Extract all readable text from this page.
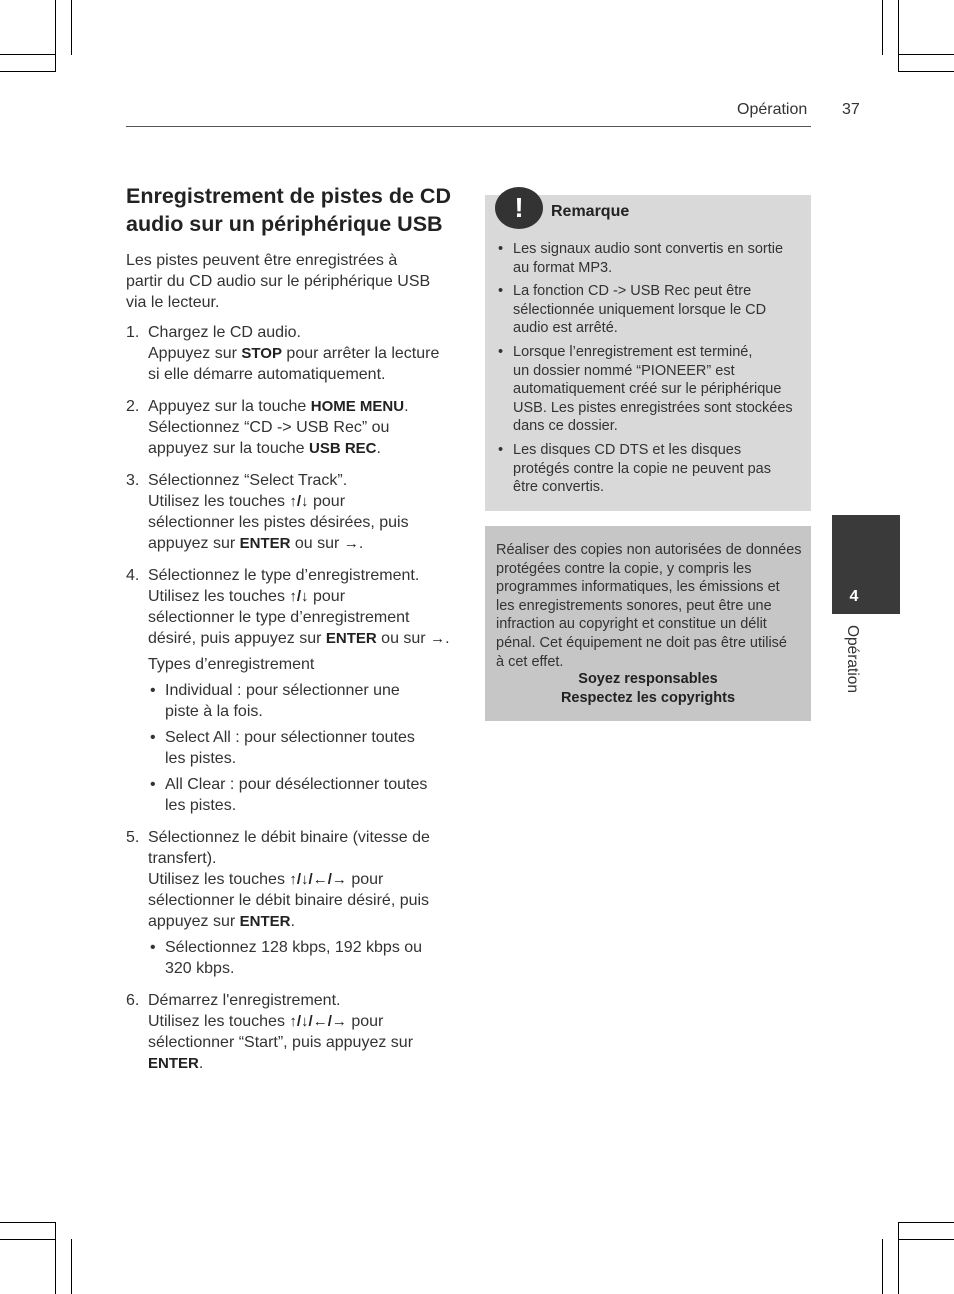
Opération 37
Enregistrement de pistes de CD audio sur un périphérique USB
Les pistes peuvent être enregistrées à
partir du CD audio sur le périphérique USB
via le lecteur.
1. Chargez le CD audio.
Appuyez sur STOP pour arrêter la lecture
si elle démarre automatiquement.
2. Appuyez sur la touche HOME MENU.
Sélectionnez “CD -> USB Rec” ou
appuyez sur la touche USB REC.
3. Sélectionnez “Select Track”.
Utilisez les touches ↑/↓ pour
sélectionner les pistes désirées, puis
appuyez sur ENTER ou sur →.
4. Sélectionnez le type d’enregistrement.
Utilisez les touches ↑/↓ pour
sélectionner le type d’enregistrement
désiré, puis appuyez sur ENTER ou sur →.
Types d’enregistrement
• Individual : pour sélectionner une
piste à la fois.
• Select All : pour sélectionner toutes
les pistes.
• All Clear : pour désélectionner toutes
les pistes.
5. Sélectionnez le débit binaire (vitesse de
transfert).
Utilisez les touches ↑/↓/←/→ pour
sélectionner le débit binaire désiré, puis
appuyez sur ENTER.
• Sélectionnez 128 kbps, 192 kbps ou
320 kbps.
6. Démarrez l'enregistrement.
Utilisez les touches ↑/↓/←/→ pour
sélectionner “Start”, puis appuyez sur
ENTER.
!	Remarque
• Les signaux audio sont convertis en sortie
au format MP3.
• La fonction CD -> USB Rec peut être
sélectionnée uniquement lorsque le CD
audio est arrêté.
• Lorsque l’enregistrement est terminé,
un dossier nommé “PIONEER” est
automatiquement créé sur le périphérique
USB. Les pistes enregistrées sont stockées
dans ce dossier.
• Les disques CD DTS et les disques
protégés contre la copie ne peuvent pas
être convertis.
Réaliser des copies non autorisées de données
protégées contre la copie, y compris les
programmes informatiques, les émissions et
les enregistrements sonores, peut être une
infraction au copyright et constitue un délit
pénal. Cet équipement ne doit pas être utilisé
à cet effet.
Soyez responsables
Respectez les copyrights
4
Opération
